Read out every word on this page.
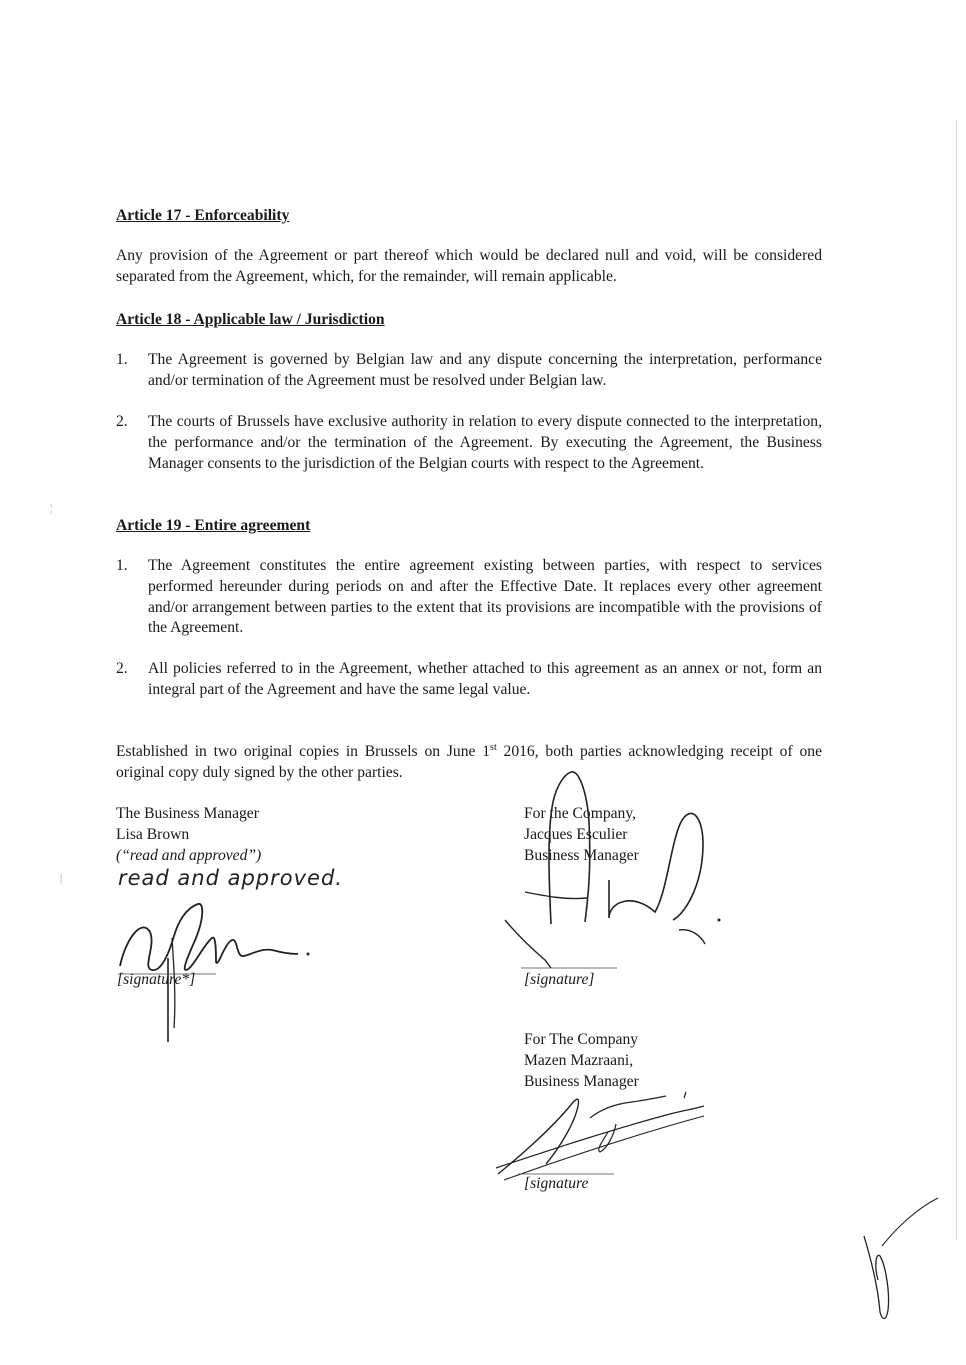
¦
|
Article 17 - Enforceability
Any provision of the Agreement or part thereof which would be declared null and void, will be considered separated from the Agreement, which, for the remainder, will remain applicable.
Article 18 - Applicable law / Jurisdiction
1. The Agreement is governed by Belgian law and any dispute concerning the interpretation, performance and/or termination of the Agreement must be resolved under Belgian law.
2. The courts of Brussels have exclusive authority in relation to every dispute connected to the interpretation, the performance and/or the termination of the Agreement. By executing the Agreement, the Business Manager consents to the jurisdiction of the Belgian courts with respect to the Agreement.
Article 19 - Entire agreement
1. The Agreement constitutes the entire agreement existing between parties, with respect to services performed hereunder during periods on and after the Effective Date. It replaces every other agreement and/or arrangement between parties to the extent that its provisions are incompatible with the provisions of the Agreement.
2. All policies referred to in the Agreement, whether attached to this agreement as an annex or not, form an integral part of the Agreement and have the same legal value.
Established in two original copies in Brussels on June 1st 2016, both parties acknowledging receipt of one original copy duly signed by the other parties.
The Business Manager
Lisa Brown
(“read and approved”)
read and approved.
[signature*]
For the Company,
Jacques Esculier
Business Manager
[signature]
For The Company
Mazen Mazraani,
Business Manager
[signature
